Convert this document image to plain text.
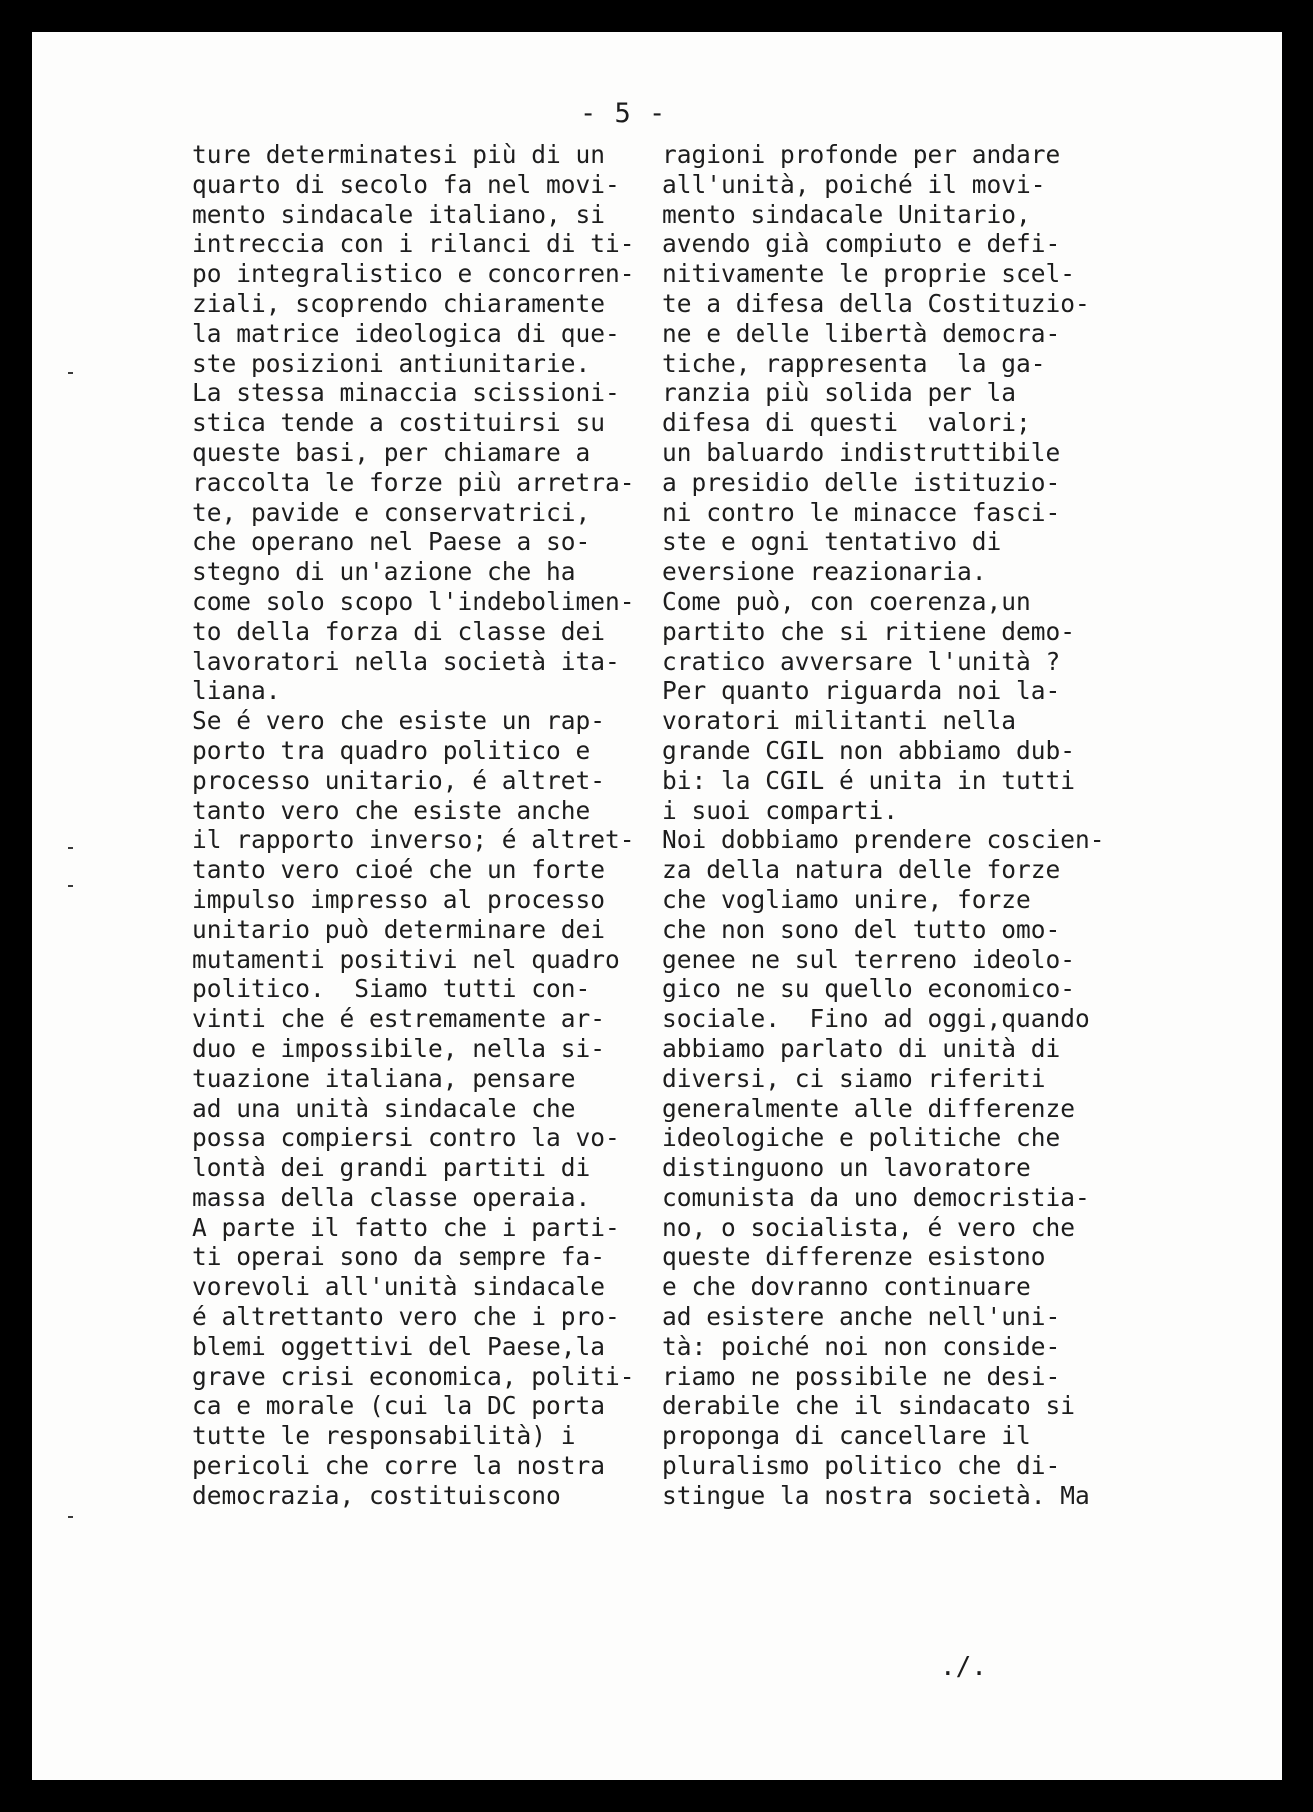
- 5 -
ture determinatesi più di un
quarto di secolo fa nel movi-
mento sindacale italiano, si
intreccia con i rilanci di ti-
po integralistico e concorren-
ziali, scoprendo chiaramente
la matrice ideologica di que-
ste posizioni antiunitarie.
La stessa minaccia scissioni-
stica tende a costituirsi su
queste basi, per chiamare a
raccolta le forze più arretra-
te, pavide e conservatrici,
che operano nel Paese a so-
stegno di un'azione che ha
come solo scopo l'indebolimen-
to della forza di classe dei
lavoratori nella società ita-
liana.
Se é vero che esiste un rap-
porto tra quadro politico e
processo unitario, é altret-
tanto vero che esiste anche
il rapporto inverso; é altret-
tanto vero cioé che un forte
impulso impresso al processo
unitario può determinare dei
mutamenti positivi nel quadro
politico.  Siamo tutti con-
vinti che é estremamente ar-
duo e impossibile, nella si-
tuazione italiana, pensare
ad una unità sindacale che
possa compiersi contro la vo-
lontà dei grandi partiti di
massa della classe operaia.
A parte il fatto che i parti-
ti operai sono da sempre fa-
vorevoli all'unità sindacale
é altrettanto vero che i pro-
blemi oggettivi del Paese,la
grave crisi economica, politi-
ca e morale (cui la DC porta
tutte le responsabilità) i
pericoli che corre la nostra
democrazia, costituiscono
ragioni profonde per andare
all'unità, poiché il movi-
mento sindacale Unitario,
avendo già compiuto e defi-
nitivamente le proprie scel-
te a difesa della Costituzio-
ne e delle libertà democra-
tiche, rappresenta  la ga-
ranzia più solida per la
difesa di questi  valori;
un baluardo indistruttibile
a presidio delle istituzio-
ni contro le minacce fasci-
ste e ogni tentativo di
eversione reazionaria.
Come può, con coerenza,un
partito che si ritiene demo-
cratico avversare l'unità ?
Per quanto riguarda noi la-
voratori militanti nella
grande CGIL non abbiamo dub-
bi: la CGIL é unita in tutti
i suoi comparti.
Noi dobbiamo prendere coscien-
za della natura delle forze
che vogliamo unire, forze
che non sono del tutto omo-
genee ne sul terreno ideolo-
gico ne su quello economico-
sociale.  Fino ad oggi,quando
abbiamo parlato di unità di
diversi, ci siamo riferiti
generalmente alle differenze
ideologiche e politiche che
distinguono un lavoratore
comunista da uno democristia-
no, o socialista, é vero che
queste differenze esistono
e che dovranno continuare
ad esistere anche nell'uni-
tà: poiché noi non conside-
riamo ne possibile ne desi-
derabile che il sindacato si
proponga di cancellare il
pluralismo politico che di-
stingue la nostra società. Ma
./.
